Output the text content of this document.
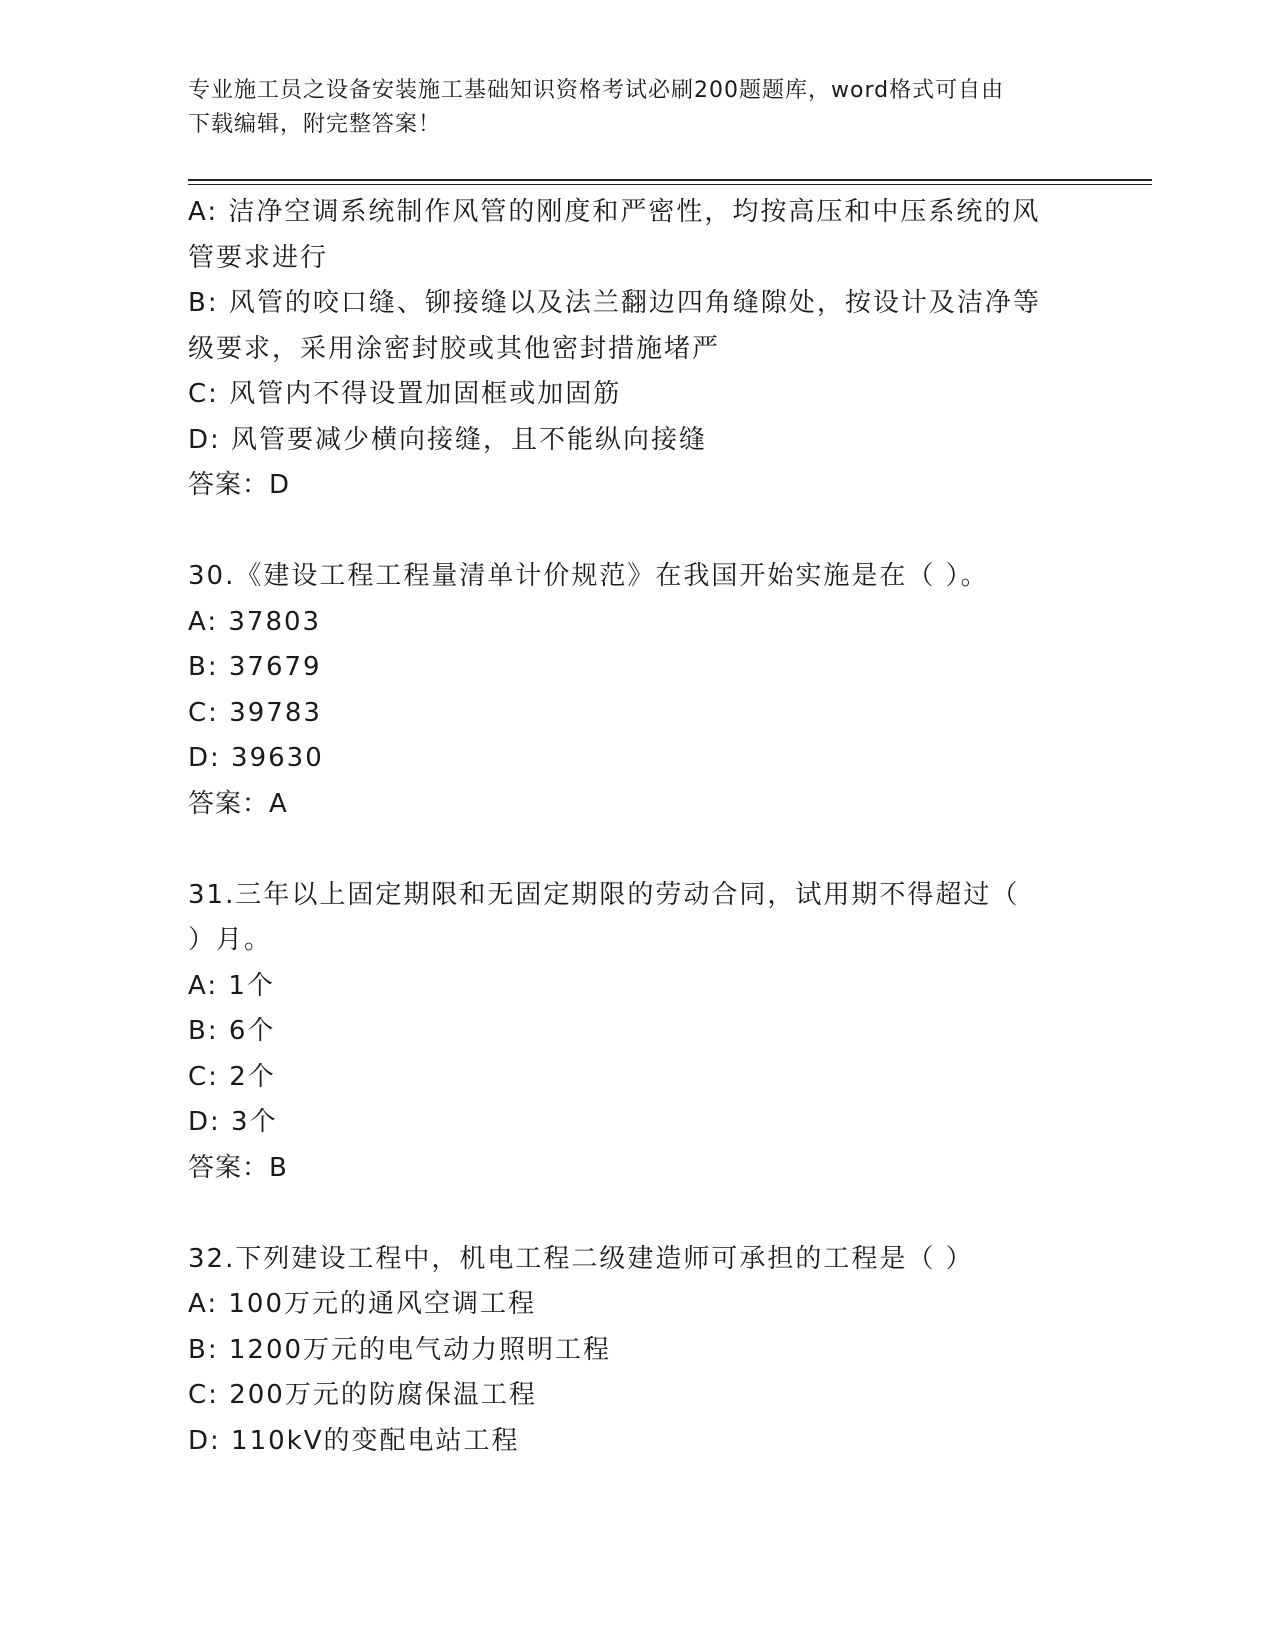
专业施工员之设备安装施工基础知识资格考试必刷200题题库，word格式可自由
下载编辑，附完整答案！
A: 洁净空调系统制作风管的刚度和严密性，均按高压和中压系统的风
管要求进行
B: 风管的咬口缝、铆接缝以及法兰翻边四角缝隙处，按设计及洁净等
级要求，采用涂密封胶或其他密封措施堵严
C: 风管内不得设置加固框或加固筋
D: 风管要减少横向接缝，且不能纵向接缝
答案：D
30.《建设工程工程量清单计价规范》在我国开始实施是在（ ）。
A: 37803
B: 37679
C: 39783
D: 39630
答案：A
31.三年以上固定期限和无固定期限的劳动合同，试用期不得超过（
）月。
A: 1个
B: 6个
C: 2个
D: 3个
答案：B
32.下列建设工程中，机电工程二级建造师可承担的工程是（ ）
A: 100万元的通风空调工程
B: 1200万元的电气动力照明工程
C: 200万元的防腐保温工程
D: 110kV的变配电站工程
